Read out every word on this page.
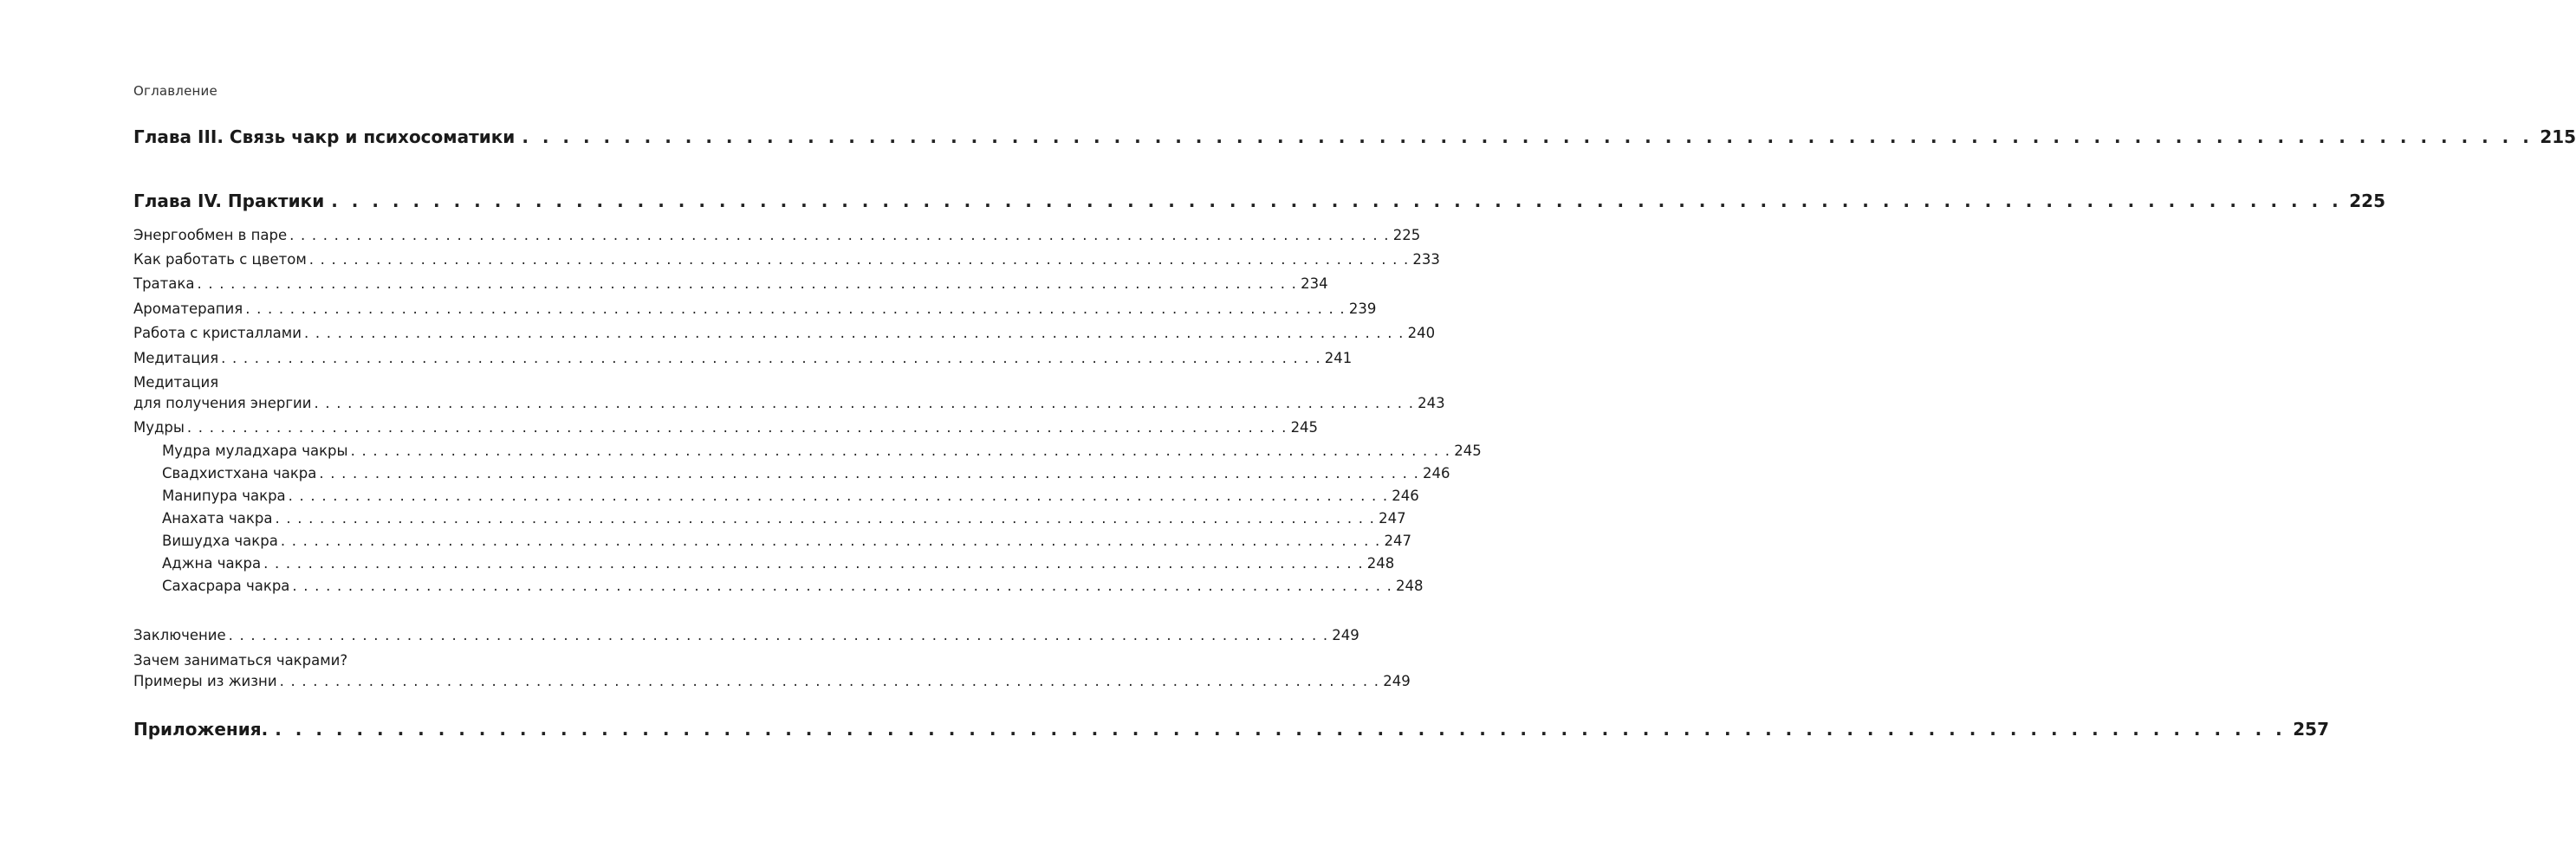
Оглавление
Глава III. Связь чакр и психосоматики . . . . . . . . . . . . . . . . . . . . . . . . . . . . . . . . . . . . . . . . . . . . . . . . . . . . . . . . . . . . . . . . . . . . . . . . . . . . . . . . . . . . . . . . . . . . . . . . . . . 215
Глава IV. Практики . . . . . . . . . . . . . . . . . . . . . . . . . . . . . . . . . . . . . . . . . . . . . . . . . . . . . . . . . . . . . . . . . . . . . . . . . . . . . . . . . . . . . . . . . . . . . . . . . . . 225
Энергообмен в паре . . . . . . . . . . . . . . . . . . . . . . . . . . . . . . . . . . . . . . . . . . . . . . . . . . . . . . . . . . . . . . . . . . . . . . . . . . . . . . . . . . . . . . . . . . . . . . . . . . . 225
Как работать с цветом . . . . . . . . . . . . . . . . . . . . . . . . . . . . . . . . . . . . . . . . . . . . . . . . . . . . . . . . . . . . . . . . . . . . . . . . . . . . . . . . . . . . . . . . . . . . . . . . . . . 233
Тратака . . . . . . . . . . . . . . . . . . . . . . . . . . . . . . . . . . . . . . . . . . . . . . . . . . . . . . . . . . . . . . . . . . . . . . . . . . . . . . . . . . . . . . . . . . . . . . . . . . . 234
Ароматерапия . . . . . . . . . . . . . . . . . . . . . . . . . . . . . . . . . . . . . . . . . . . . . . . . . . . . . . . . . . . . . . . . . . . . . . . . . . . . . . . . . . . . . . . . . . . . . . . . . . . 239
Работа с кристаллами . . . . . . . . . . . . . . . . . . . . . . . . . . . . . . . . . . . . . . . . . . . . . . . . . . . . . . . . . . . . . . . . . . . . . . . . . . . . . . . . . . . . . . . . . . . . . . . . . . . 240
Медитация . . . . . . . . . . . . . . . . . . . . . . . . . . . . . . . . . . . . . . . . . . . . . . . . . . . . . . . . . . . . . . . . . . . . . . . . . . . . . . . . . . . . . . . . . . . . . . . . . . . 241
Медитация
для получения энергии . . . . . . . . . . . . . . . . . . . . . . . . . . . . . . . . . . . . . . . . . . . . . . . . . . . . . . . . . . . . . . . . . . . . . . . . . . . . . . . . . . . . . . . . . . . . . . . . . . . 243
Мудры . . . . . . . . . . . . . . . . . . . . . . . . . . . . . . . . . . . . . . . . . . . . . . . . . . . . . . . . . . . . . . . . . . . . . . . . . . . . . . . . . . . . . . . . . . . . . . . . . . . 245
Мудра муладхара чакры . . . . . . . . . . . . . . . . . . . . . . . . . . . . . . . . . . . . . . . . . . . . . . . . . . . . . . . . . . . . . . . . . . . . . . . . . . . . . . . . . . . . . . . . . . . . . . . . . . . 245
Свадхистхана чакра . . . . . . . . . . . . . . . . . . . . . . . . . . . . . . . . . . . . . . . . . . . . . . . . . . . . . . . . . . . . . . . . . . . . . . . . . . . . . . . . . . . . . . . . . . . . . . . . . . . 246
Манипура чакра . . . . . . . . . . . . . . . . . . . . . . . . . . . . . . . . . . . . . . . . . . . . . . . . . . . . . . . . . . . . . . . . . . . . . . . . . . . . . . . . . . . . . . . . . . . . . . . . . . . 246
Анахата чакра . . . . . . . . . . . . . . . . . . . . . . . . . . . . . . . . . . . . . . . . . . . . . . . . . . . . . . . . . . . . . . . . . . . . . . . . . . . . . . . . . . . . . . . . . . . . . . . . . . . 247
Вишудха чакра . . . . . . . . . . . . . . . . . . . . . . . . . . . . . . . . . . . . . . . . . . . . . . . . . . . . . . . . . . . . . . . . . . . . . . . . . . . . . . . . . . . . . . . . . . . . . . . . . . . 247
Аджна чакра . . . . . . . . . . . . . . . . . . . . . . . . . . . . . . . . . . . . . . . . . . . . . . . . . . . . . . . . . . . . . . . . . . . . . . . . . . . . . . . . . . . . . . . . . . . . . . . . . . . 248
Сахасрара чакра . . . . . . . . . . . . . . . . . . . . . . . . . . . . . . . . . . . . . . . . . . . . . . . . . . . . . . . . . . . . . . . . . . . . . . . . . . . . . . . . . . . . . . . . . . . . . . . . . . . 248
Заключение . . . . . . . . . . . . . . . . . . . . . . . . . . . . . . . . . . . . . . . . . . . . . . . . . . . . . . . . . . . . . . . . . . . . . . . . . . . . . . . . . . . . . . . . . . . . . . . . . . . 249
Зачем заниматься чакрами?
Примеры из жизни . . . . . . . . . . . . . . . . . . . . . . . . . . . . . . . . . . . . . . . . . . . . . . . . . . . . . . . . . . . . . . . . . . . . . . . . . . . . . . . . . . . . . . . . . . . . . . . . . . . 249
Приложения. . . . . . . . . . . . . . . . . . . . . . . . . . . . . . . . . . . . . . . . . . . . . . . . . . . . . . . . . . . . . . . . . . . . . . . . . . . . . . . . . . . . . . . . . . . . . . . . . . . . 257
